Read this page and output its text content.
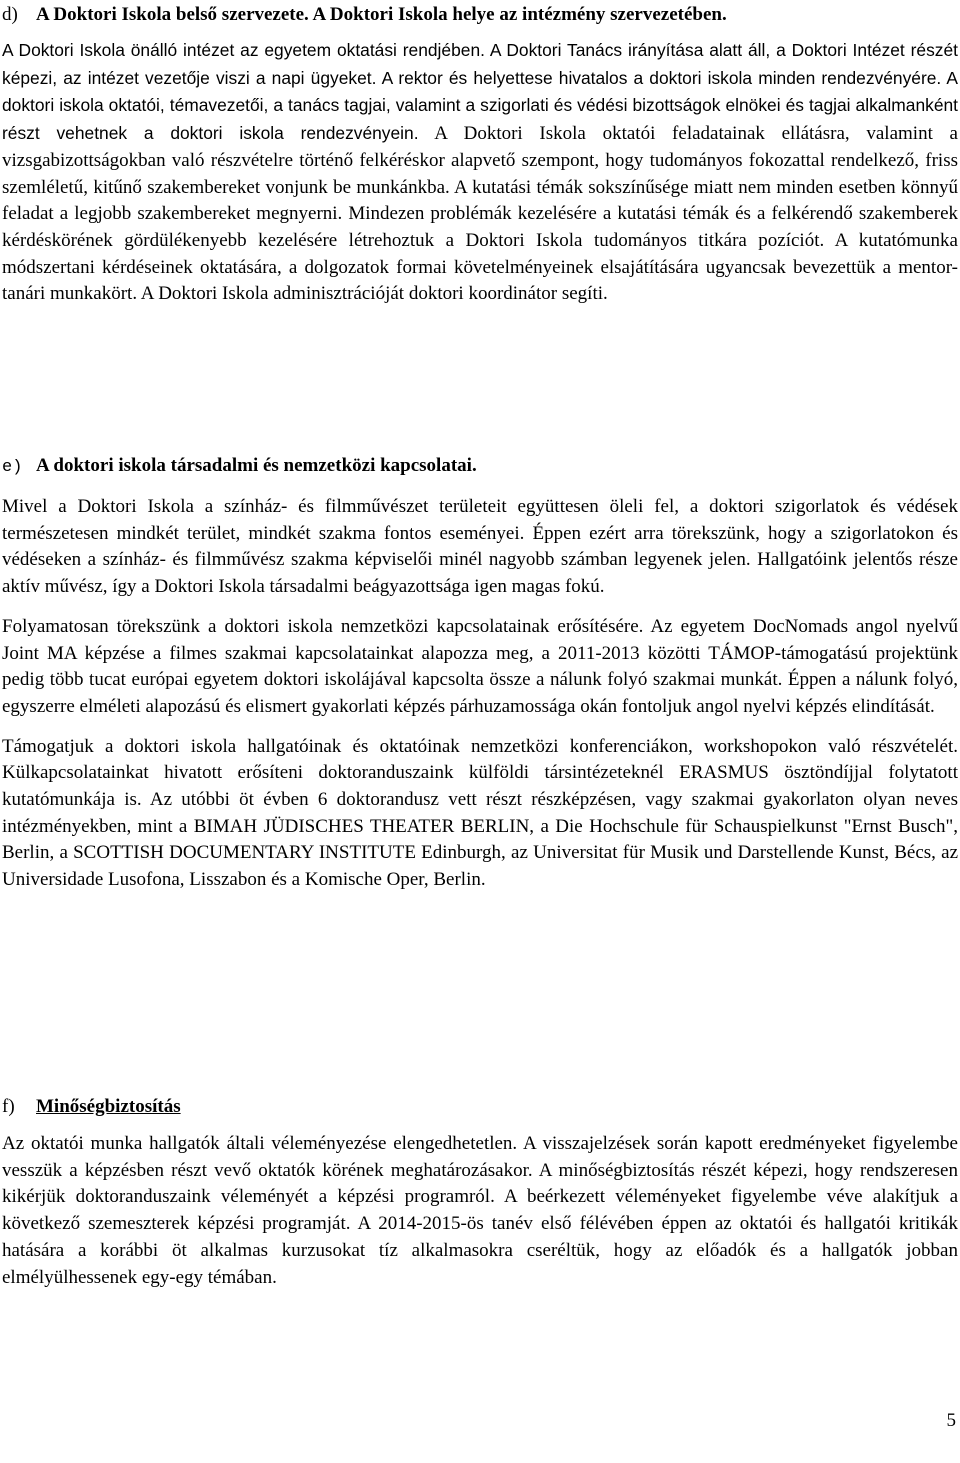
d) A Doktori Iskola belső szervezete. A Doktori Iskola helye az intézmény szervezetében.

A Doktori Iskola önálló intézet az egyetem oktatási rendjében. A Doktori Tanács irányítása alatt áll, a Doktori Intézet részét képezi, az intézet vezetője viszi a napi ügyeket. A rektor és helyettese hivatalos a doktori iskola minden rendezvényére. A doktori iskola oktatói, témavezetői, a tanács tagjai, valamint a szigorlati és védési bizottságok elnökei és tagjai alkalmanként részt vehetnek a doktori iskola rendezvényein. A Doktori Iskola oktatói feladatainak ellátásra, valamint a vizsgabizottságokban való részvételre történő felkéréskor alapvető szempont, hogy tudományos fokozattal rendelkező, friss szemléletű, kitűnő szakembereket vonjunk be munkánkba. A kutatási témák sokszínűsége miatt nem minden esetben könnyű feladat a legjobb szakembereket megnyerni. Mindezen problémák kezelésére a kutatási témák és a felkérendő szakemberek kérdéskörének gördülékenyebb kezelésére létrehoztuk a Doktori Iskola tudományos titkára pozíciót. A kutatómunka módszertani kérdéseinek oktatására, a dolgozatok formai követelményeinek elsajátítására ugyancsak bevezettük a mentor-tanári munkakört. A Doktori Iskola adminisztrációját doktori koordinátor segíti.

e) A doktori iskola társadalmi és nemzetközi kapcsolatai.

Mivel a Doktori Iskola a színház- és filmművészet területeit együttesen öleli fel, a doktori szigorlatok és védések természetesen mindkét terület, mindkét szakma fontos eseményei. Éppen ezért arra törekszünk, hogy a szigorlatokon és védéseken a színház- és filmművész szakma képviselői minél nagyobb számban legyenek jelen. Hallgatóink jelentős része aktív művész, így a Doktori Iskola társadalmi beágyazottsága igen magas fokú.

Folyamatosan törekszünk a doktori iskola nemzetközi kapcsolatainak erősítésére. Az egyetem DocNomads angol nyelvű Joint MA képzése a filmes szakmai kapcsolatainkat alapozza meg, a 2011-2013 közötti TÁMOP-támogatású projektünk pedig több tucat európai egyetem doktori iskolájával kapcsolta össze a nálunk folyó szakmai munkát. Éppen a nálunk folyó, egyszerre elméleti alapozású és elismert gyakorlati képzés párhuzamossága okán fontoljuk angol nyelvi képzés elindítását.

Támogatjuk a doktori iskola hallgatóinak és oktatóinak nemzetközi konferenciákon, workshopokon való részvételét. Külkapcsolatainkat hivatott erősíteni doktoranduszaink külföldi társintézeteknél ERASMUS ösztöndíjjal folytatott kutatómunkája is. Az utóbbi öt évben 6 doktorandusz vett részt részképzésen, vagy szakmai gyakorlaton olyan neves intézményekben, mint a BIMAH JÜDISCHES THEATER BERLIN, a Die Hochschule für Schauspielkunst "Ernst Busch", Berlin, a SCOTTISH DOCUMENTARY INSTITUTE Edinburgh, az Universitat für Musik und Darstellende Kunst, Bécs, az Universidade Lusofona, Lisszabon és a Komische Oper, Berlin.

f) Minőségbiztosítás

Az oktatói munka hallgatók általi véleményezése elengedhetetlen. A visszajelzések során kapott eredményeket figyelembe vesszük a képzésben részt vevő oktatók körének meghatározásakor. A minőségbiztosítás részét képezi, hogy rendszeresen kikérjük doktoranduszaink véleményét a képzési programról. A beérkezett véleményeket figyelembe véve alakítjuk a következő szemeszterek képzési programját. A 2014-2015-ös tanév első félévében éppen az oktatói és hallgatói kritikák hatására a korábbi öt alkalmas kurzusokat tíz alkalmasokra cseréltük, hogy az előadók és a hallgatók jobban elmélyülhessenek egy-egy témában.

5
